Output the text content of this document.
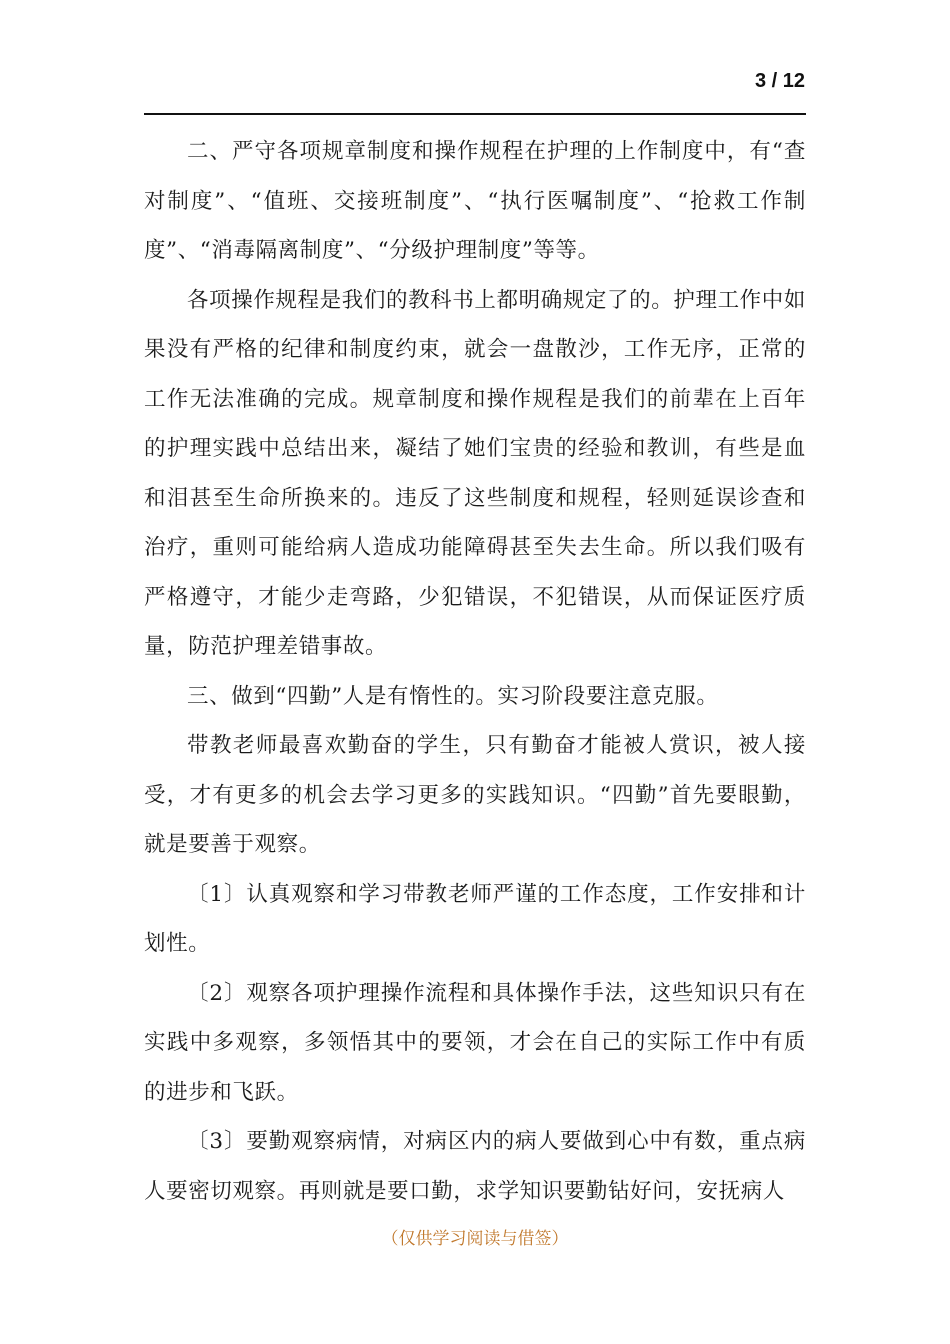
3 / 12

二、严守各项规章制度和操作规程在护理的上作制度中，有“查对制度”、“值班、交接班制度”、“执行医嘱制度”、“抢救工作制度”、“消毒隔离制度”、“分级护理制度”等等。

各项操作规程是我们的教科书上都明确规定了的。护理工作中如果没有严格的纪律和制度约束，就会一盘散沙，工作无序，正常的工作无法准确的完成。规章制度和操作规程是我们的前辈在上百年的护理实践中总结出来，凝结了她们宝贵的经验和教训，有些是血和泪甚至生命所换来的。违反了这些制度和规程，轻则延误诊查和治疗，重则可能给病人造成功能障碍甚至失去生命。所以我们吸有严格遵守，才能少走弯路，少犯错误，不犯错误，从而保证医疗质量，防范护理差错事故。

三、做到“四勤”人是有惰性的。实习阶段要注意克服。

带教老师最喜欢勤奋的学生，只有勤奋才能被人赏识，被人接受，才有更多的机会去学习更多的实践知识。“四勤”首先要眼勤，就是要善于观察。

〔1〕认真观察和学习带教老师严谨的工作态度，工作安排和计划性。

〔2〕观察各项护理操作流程和具体操作手法，这些知识只有在实践中多观察，多领悟其中的要领，才会在自己的实际工作中有质的进步和飞跃。

〔3〕要勤观察病情，对病区内的病人要做到心中有数，重点病人要密切观察。再则就是要口勤，求学知识要勤钻好问，安抚病人

（仅供学习阅读与借签）
